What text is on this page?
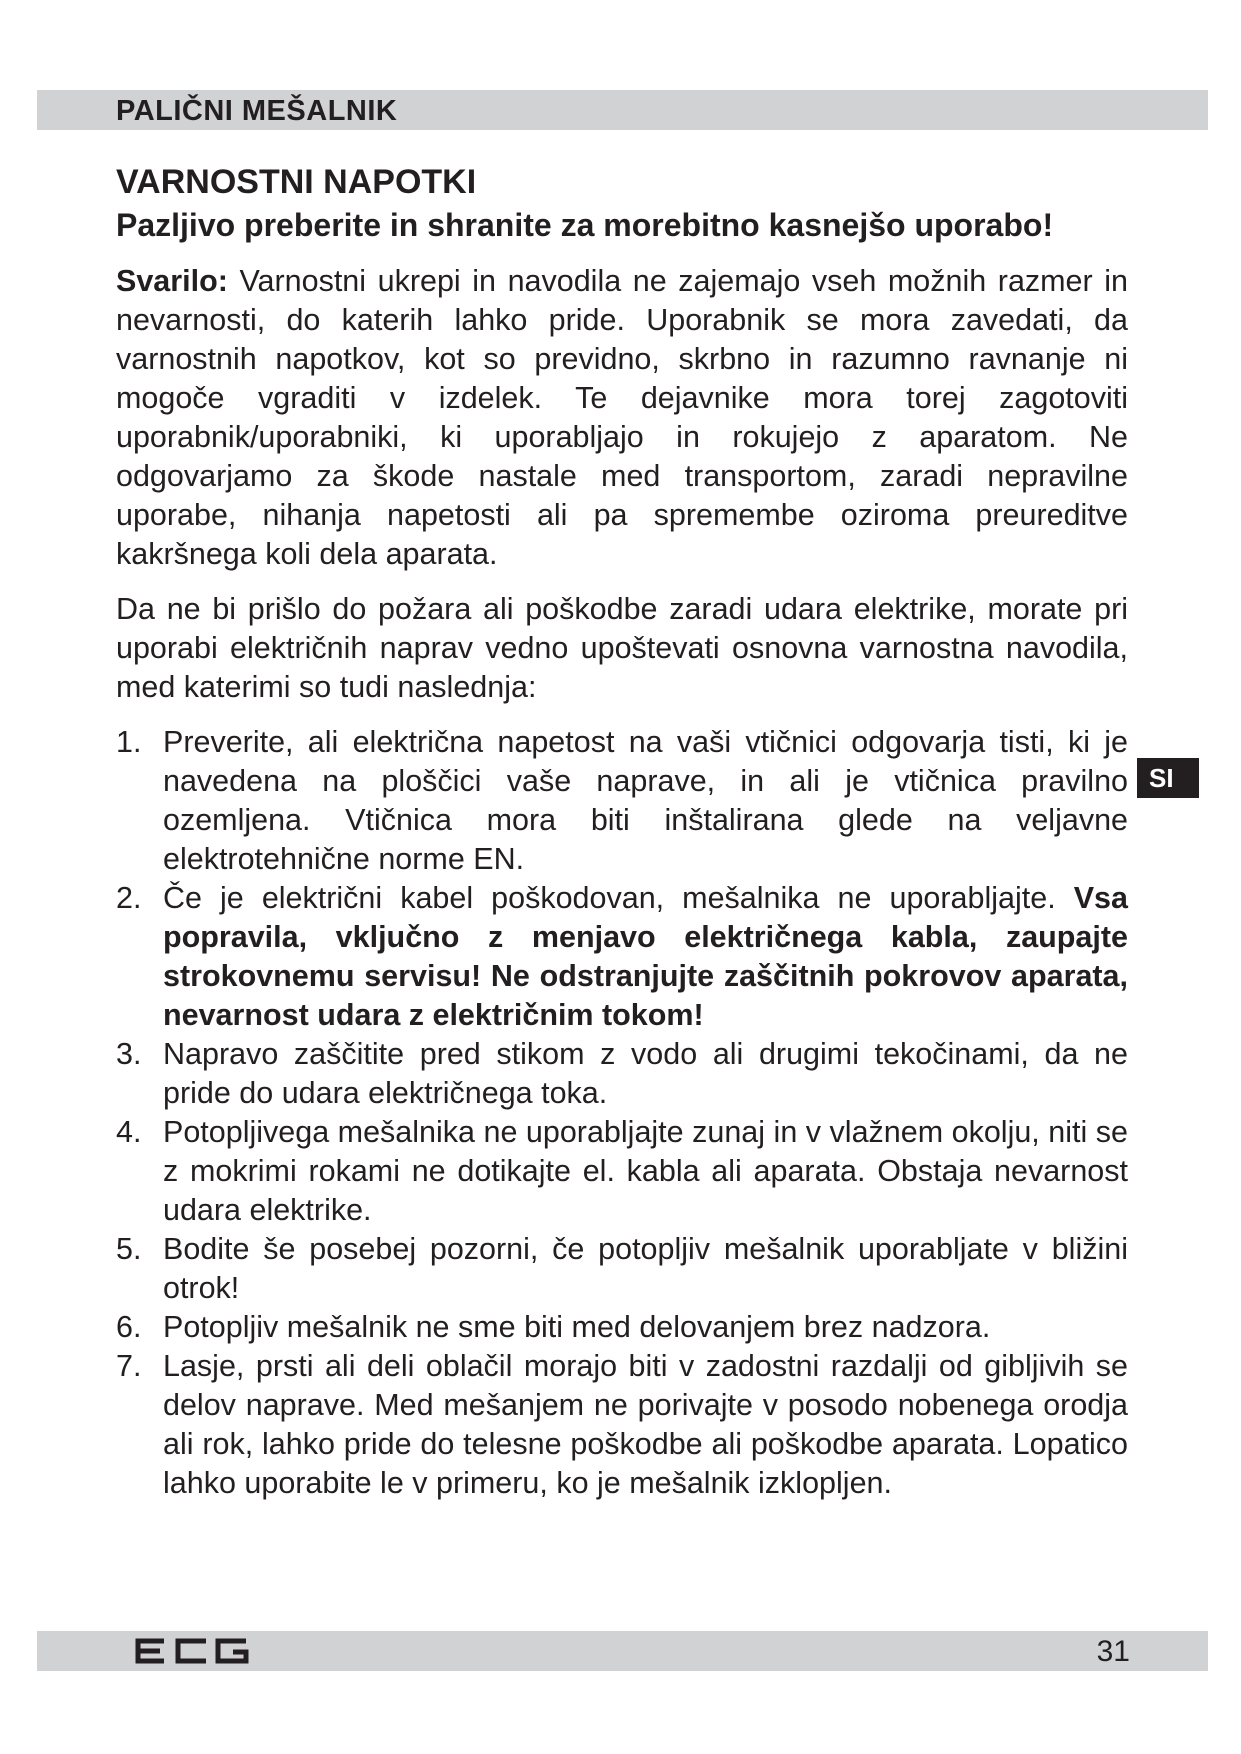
PALIČNI MEŠALNIK
VARNOSTNI NAPOTKI
Pazljivo preberite in shranite za morebitno kasnejšo uporabo!

Svarilo: Varnostni ukrepi in navodila ne zajemajo vseh možnih razmer in nevarnosti, do katerih lahko pride. Uporabnik se mora zavedati, da varnostnih napotkov, kot so previdno, skrbno in razumno ravnanje ni mogoče vgraditi v izdelek. Te dejavnike mora torej zagotoviti uporabnik/uporabniki, ki uporabljajo in rokujejo z aparatom. Ne odgovarjamo za škode nastale med transportom, zaradi nepravilne uporabe, nihanja napetosti ali pa spremembe oziroma preureditve kakršnega koli dela aparata.

Da ne bi prišlo do požara ali poškodbe zaradi udara elektrike, morate pri uporabi električnih naprav vedno upoštevati osnovna varnostna navodila, med katerimi so tudi naslednja:

1. Preverite, ali električna napetost na vaši vtičnici odgovarja tisti, ki je navedena na ploščici vaše naprave, in ali je vtičnica pravilno ozemljena. Vtičnica mora biti inštalirana glede na veljavne elektrotehnične norme EN.
2. Če je električni kabel poškodovan, mešalnika ne uporabljajte. Vsa popravila, vključno z menjavo električnega kabla, zaupajte strokovnemu servisu! Ne odstranjujte zaščitnih pokrovov aparata, nevarnost udara z električnim tokom!
3. Napravo zaščitite pred stikom z vodo ali drugimi tekočinami, da ne pride do udara električnega toka.
4. Potopljivega mešalnika ne uporabljajte zunaj in v vlažnem okolju, niti se z mokrimi rokami ne dotikajte el. kabla ali aparata. Obstaja nevarnost udara elektrike.
5. Bodite še posebej pozorni, če potopljiv mešalnik uporabljate v bližini otrok!
6. Potopljiv mešalnik ne sme biti med delovanjem brez nadzora.
7. Lasje, prsti ali deli oblačil morajo biti v zadostni razdalji od gibljivih se delov naprave. Med mešanjem ne porivajte v posodo nobenega orodja ali rok, lahko pride do telesne poškodbe ali poškodbe aparata. Lopatico lahko uporabite le v primeru, ko je mešalnik izklopljen.
SI
31
